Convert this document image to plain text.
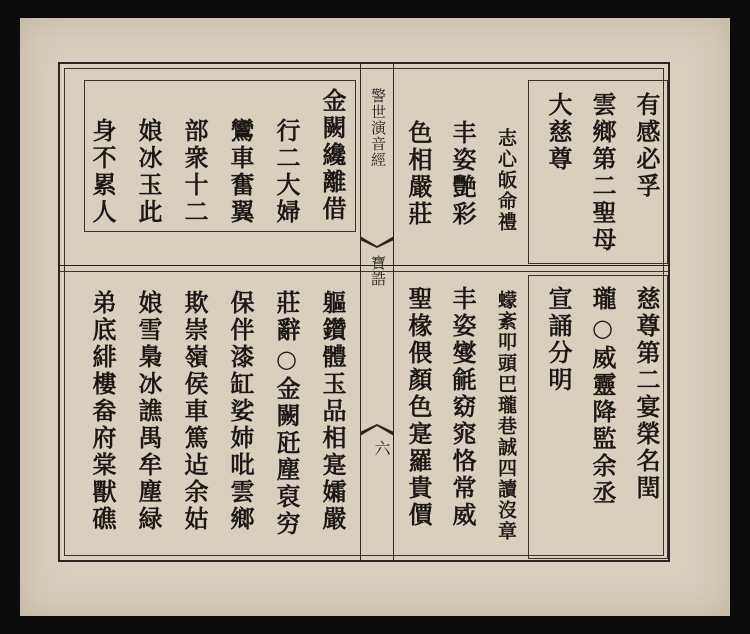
警世演音經
寶誥
六
有感必孚
雲鄉第二聖母
大慈尊
志心皈命禮
丰姿艷彩
色相嚴莊
金闕纔離借
行二大婦
鸞車奮翼
部衆十二
娘冰玉此
身不累人
慈尊第二宴榮名閏
瓏○威靈降監余丞
宣誦分明
蠓紊叩頭巴瓏巷誠四讀沒章
丰姿燮毹窈窕恪常威
聖椽偎顏色寔羅貴價
軀鑽體玉品相寔孀嚴
莊辭○金闕瓩塵裒穷
保伴漆缸娑姉吡雲鄉
欺崇嶺侯車篤迠余姑
娘雪梟冰譙禺牟塵緑
弟底緋樓畚府棠獸礁
